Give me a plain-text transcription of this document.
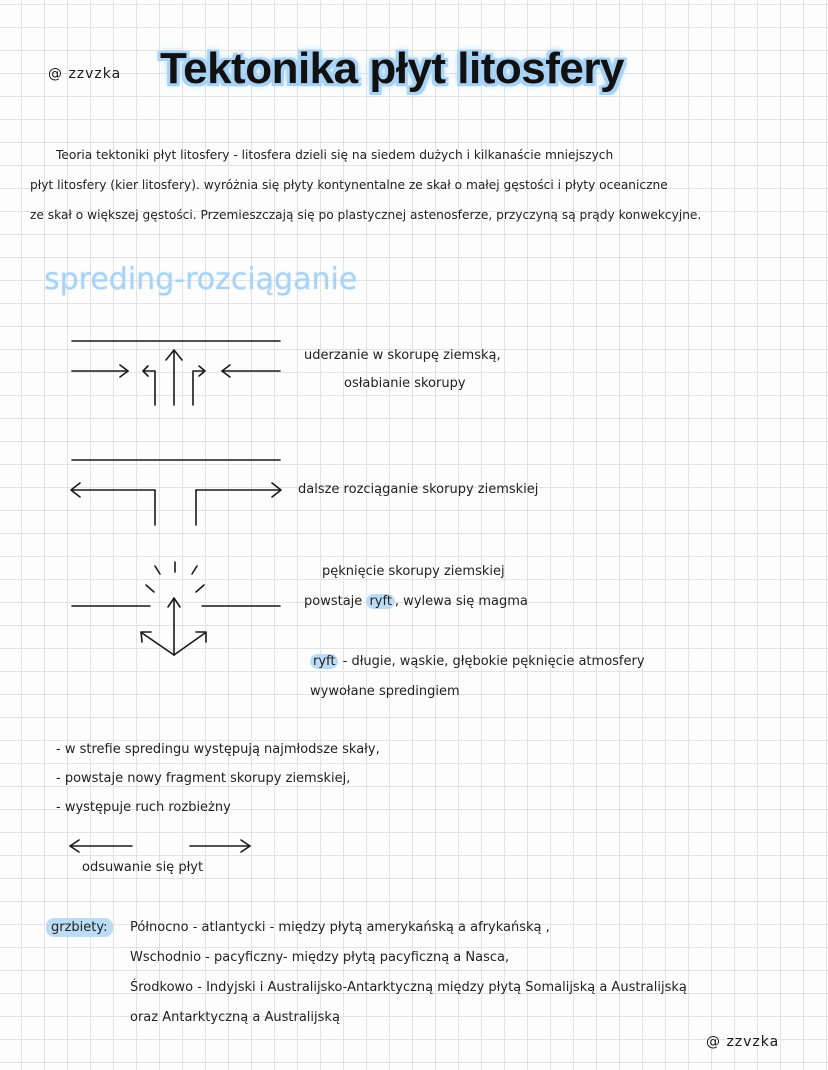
@ zzvzka Tektonika płyt litosfery
Teoria tektoniki płyt litosfery - litosfera dzieli się na siedem dużych i kilkanaście mniejszych
płyt litosfery (kier litosfery). wyróżnia się płyty kontynentalne ze skał o małej gęstości i płyty oceaniczne
ze skał o większej gęstości. Przemieszczają się po plastycznej astenosferze, przyczyną są prądy konwekcyjne.
spreding-rozciąganie
uderzanie w skorupę ziemską,
osłabianie skorupy
dalsze rozciąganie skorupy ziemskiej
pęknięcie skorupy ziemskiej
powstaje ryft , wylewa się magma
ryft - długie, wąskie, głębokie pęknięcie atmosfery
wywołane spredingiem
- w strefie spredingu występują najmłodsze skały,
- powstaje nowy fragment skorupy ziemskiej,
- występuje ruch rozbieżny
odsuwanie się płyt
grzbiety:	Północno - atlantycki - między płytą amerykańską a afrykańską ,
Wschodnio - pacyficzny- między płytą pacyficzną a Nasca,
Środkowo - Indyjski i Australijsko-Antarktyczną między płytą Somalijską a Australijską
oraz Antarktyczną a Australijską
@ zzvzka
